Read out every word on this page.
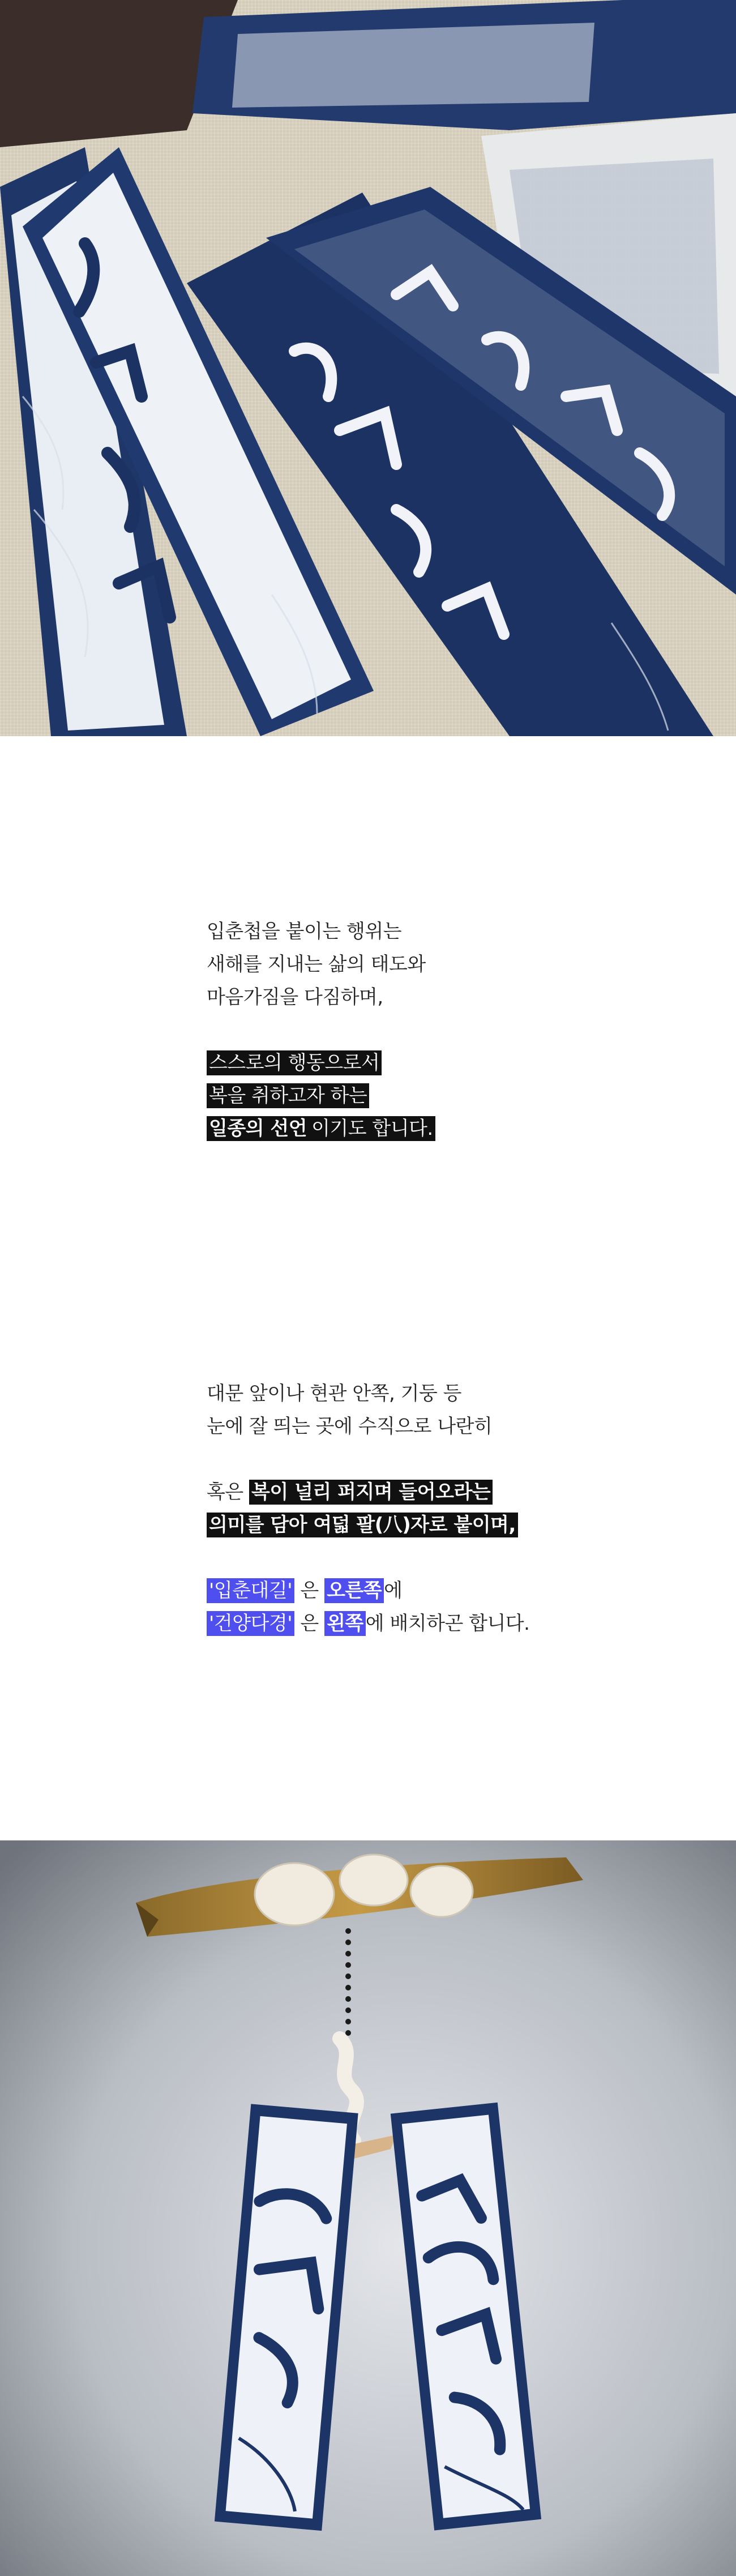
입춘첩을 붙이는 행위는
새해를 지내는 삶의 태도와
마음가짐을 다짐하며,
스스로의 행동으로서
복을 취하고자 하는
일종의 선언 이기도 합니다.
대문 앞이나 현관 안쪽, 기둥 등
눈에 잘 띄는 곳에 수직으로 나란히
혹은 복이 널리 퍼지며 들어오라는
의미를 담아 여덟 팔(八)자로 붙이며,
'입춘대길' 은 오른쪽 에
'건양다경' 은 왼쪽 에 배치하곤 합니다.
